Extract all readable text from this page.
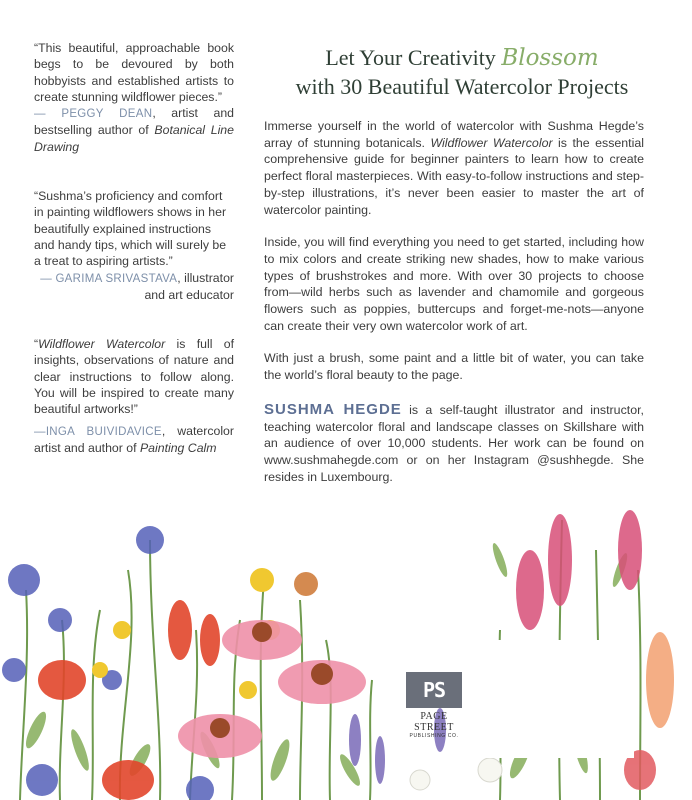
“This beautiful, approachable book begs to be devoured by both hobbyists and established artists to create stunning wildflower pieces.”

— PEGGY DEAN, artist and bestselling author of Botanical Line Drawing

“Sushma’s proficiency and comfort in painting wildflowers shows in her beautifully explained instructions and handy tips, which will surely be a treat to aspiring artists.”

— GARIMA SRIVASTAVA, illustrator and art educator

“Wildflower Watercolor is full of insights, observations of nature and clear instructions to follow along. You will be inspired to create many beautiful artworks!”

—INGA BUIVIDAVICE, watercolor artist and author of Painting Calm

Let Your Creativity Blossom
with 30 Beautiful Watercolor Projects

Immerse yourself in the world of watercolor with Sushma Hegde’s array of stunning botanicals. Wildflower Watercolor is the essential comprehensive guide for beginner painters to learn how to create perfect floral masterpieces. With easy-to-follow instructions and step-by-step illustrations, it’s never been easier to master the art of watercolor painting.

Inside, you will find everything you need to get started, including how to mix colors and create striking new shades, how to make various types of brushstrokes and more. With over 30 projects to choose from—wild herbs such as lavender and chamomile and gorgeous flowers such as poppies, buttercups and forget-me-nots—anyone can create their very own watercolor work of art.

With just a brush, some paint and a little bit of water, you can take the world’s floral beauty to the page.

SUSHMA HEGDE is a self-taught illustrator and instructor, teaching watercolor floral and landscape classes on Skillshare with an audience of over 10,000 students. Her work can be found on www.sushmahegde.com or on her Instagram @sushhegde. She resides in Luxembourg.

PS
PAGE STREET
PUBLISHING CO.
